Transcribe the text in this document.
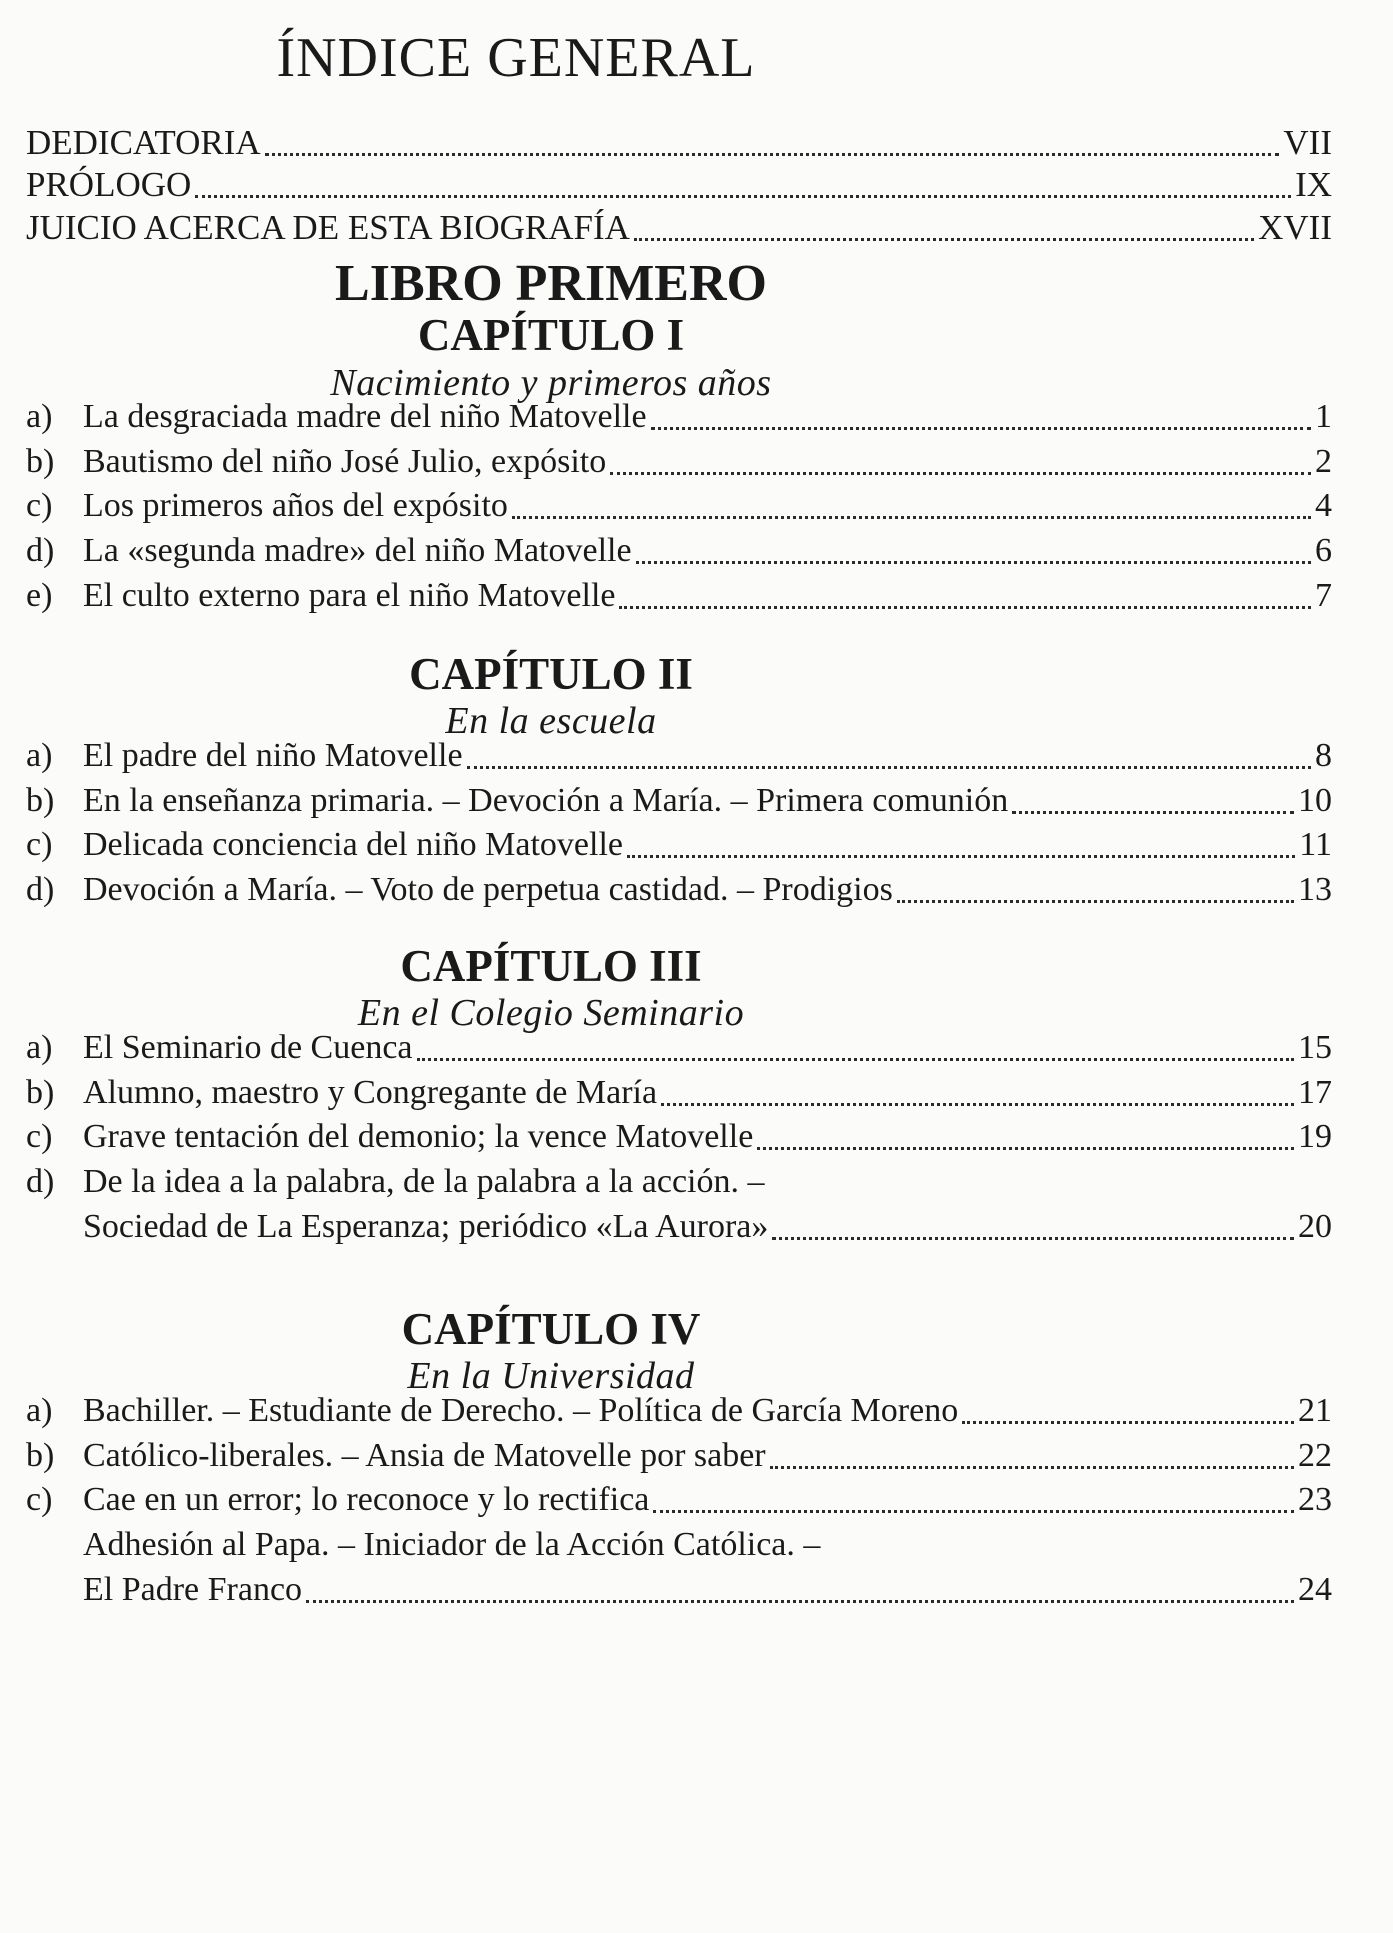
ÍNDICE GENERAL
DEDICATORIA	VII
PRÓLOGO	IX
JUICIO ACERCA DE ESTA BIOGRAFÍA	XVII
LIBRO PRIMERO
CAPÍTULO I
Nacimiento y primeros años
a) La desgraciada madre del niño Matovelle	1
b) Bautismo del niño José Julio, expósito	2
c) Los primeros años del expósito	4
d) La «segunda madre» del niño Matovelle	6
e) El culto externo para el niño Matovelle	7
CAPÍTULO II
En la escuela
a) El padre del niño Matovelle	8
b) En la enseñanza primaria. – Devoción a María. – Primera comunión	10
c) Delicada conciencia del niño Matovelle	11
d) Devoción a María. – Voto de perpetua castidad. – Prodigios	13
CAPÍTULO III
En el Colegio Seminario
a) El Seminario de Cuenca	15
b) Alumno, maestro y Congregante de María	17
c) Grave tentación del demonio; la vence Matovelle	19
d) De la idea a la palabra, de la palabra a la acción. –
Sociedad de La Esperanza; periódico «La Aurora»	20
CAPÍTULO IV
En la Universidad
a) Bachiller. – Estudiante de Derecho. – Política de García Moreno	21
b) Católico-liberales. – Ansia de Matovelle por saber	22
c) Cae en un error; lo reconoce y lo rectifica	23
Adhesión al Papa. – Iniciador de la Acción Católica. –
El Padre Franco	24
